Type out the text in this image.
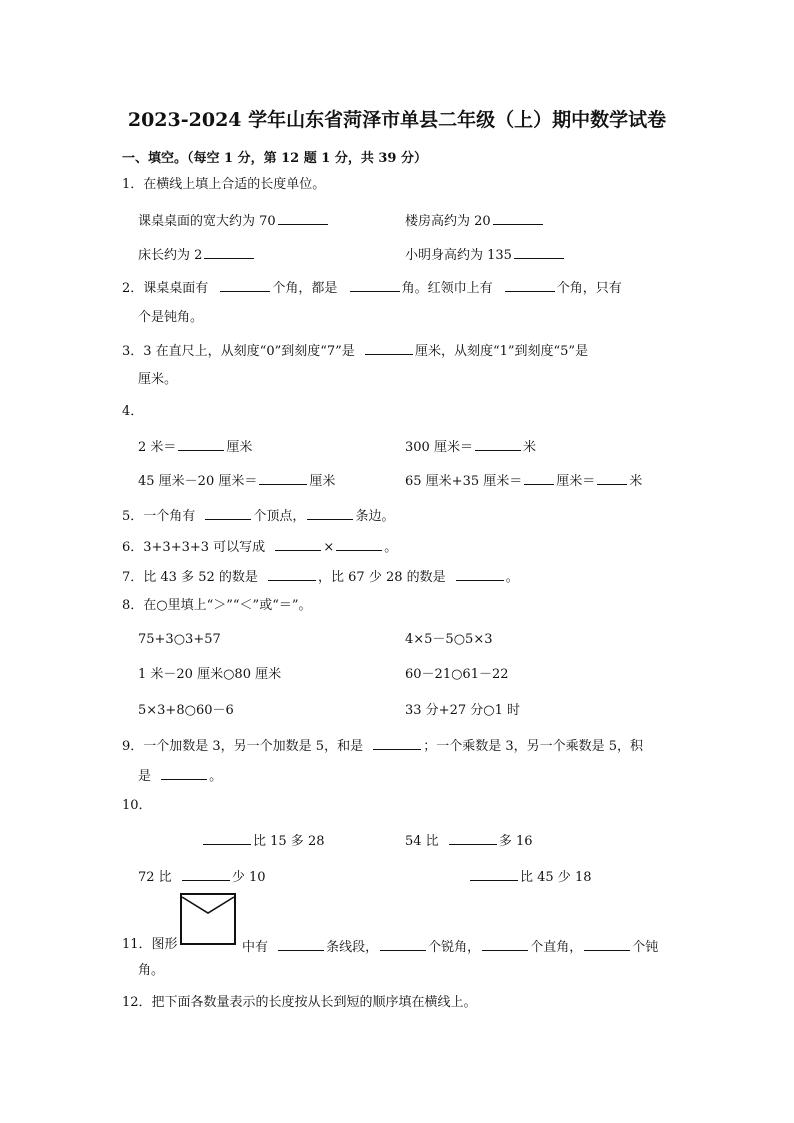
2023-2024 学年山东省菏泽市单县二年级（上）期中数学试卷
一、填空。（每空 1 分，第 12 题 1 分，共 39 分）
1．在横线上填上合适的长度单位。
课桌桌面的宽大约为 70	楼房高约为 20
床长约为 2	小明身高约为 135
2．课桌桌面有	个角，都是	角。红领巾上有	个角，只有
个是钝角。
3．3 在直尺上，从刻度“0”到刻度“7”是	厘米，从刻度“1”到刻度“5”是
厘米。
4．
2 米＝	厘米	300 厘米＝	米
45 厘米－20 厘米＝	厘米	65 厘米+35 厘米＝	厘米＝	米
5．一个角有	个顶点，	条边。
6．3+3+3+3 可以写成	×	。
7．比 43 多 52 的数是	，比 67 少 28 的数是	。
8．在○里填上“＞”“＜”或“＝”。
75+3○3+57	4×5－5○5×3
1 米－20 厘米○80 厘米	60－21○61－22
5×3+8○60－6	33 分+27 分○1 时
9．一个加数是 3，另一个加数是 5，和是	；一个乘数是 3，另一个乘数是 5，积
是	。
10．
比 15 多 28	54 比	多 16
72 比	少 10	比 45 少 18
11．图形	中有	条线段，	个锐角，	个直角，	个钝
角。
12．把下面各数量表示的长度按从长到短的顺序填在横线上。
